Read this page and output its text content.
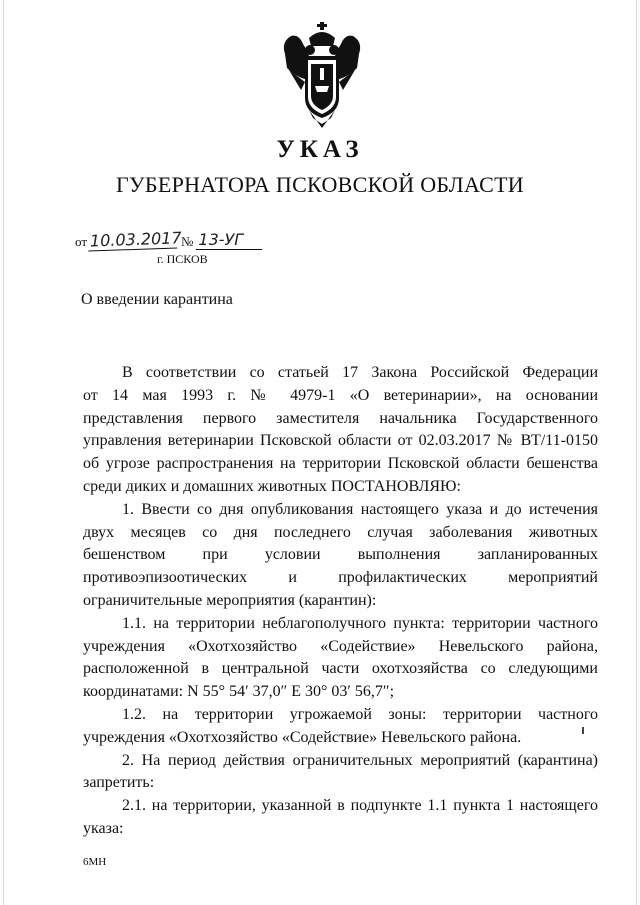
УКАЗ
ГУБЕРНАТОРА ПСКОВСКОЙ ОБЛАСТИ
от 10.03.2017 № 13-УГ
г. ПСКОВ
О введении карантина

В соответствии со статьей 17 Закона Российской Федерации

от 14 мая 1993 г. № 4979-1 «О ветеринарии», на основании

представления первого заместителя начальника Государственного

управления ветеринарии Псковской области от 02.03.2017 № ВТ/11-0150

об угрозе распространения на территории Псковской области бешенства

среди диких и домашних животных ПОСТАНОВЛЯЮ:

1. Ввести со дня опубликования настоящего указа и до истечения

двух месяцев со дня последнего случая заболевания животных

бешенством при условии выполнения запланированных

противоэпизоотических и профилактических мероприятий

ограничительные мероприятия (карантин):

1.1. на территории неблагополучного пункта: территории частного

учреждения «Охотхозяйство «Содействие» Невельского района,

расположенной в центральной части охотхозяйства со следующими

координатами: N 55° 54′ 37,0″ E 30° 03′ 56,7″;

1.2. на территории угрожаемой зоны: территории частного

учреждения «Охотхозяйство «Содействие» Невельского района.

2. На период действия ограничительных мероприятий (карантина)

запретить:

2.1. на территории, указанной в подпункте 1.1 пункта 1 настоящего

указа:

6МН
